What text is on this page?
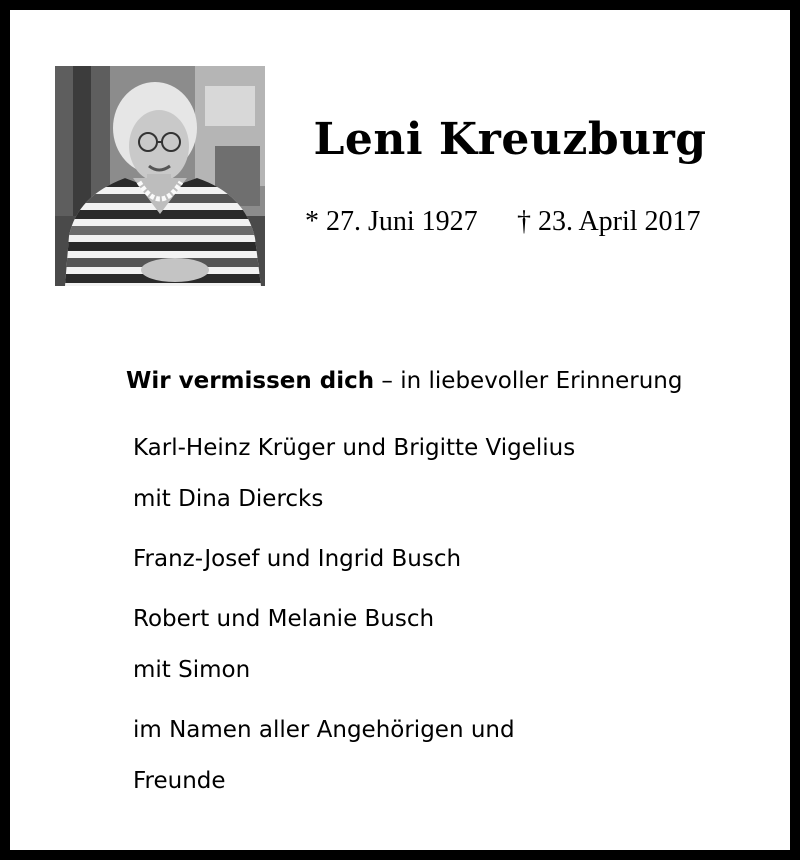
Leni Kreuzburg
* 27. Juni 1927 † 23. April 2017
Wir vermissen dich – in liebevoller Erinnerung
Karl-Heinz Krüger und Brigitte Vigelius
mit Dina Diercks
Franz-Josef und Ingrid Busch
Robert und Melanie Busch
mit Simon
im Namen aller Angehörigen und
Freunde
